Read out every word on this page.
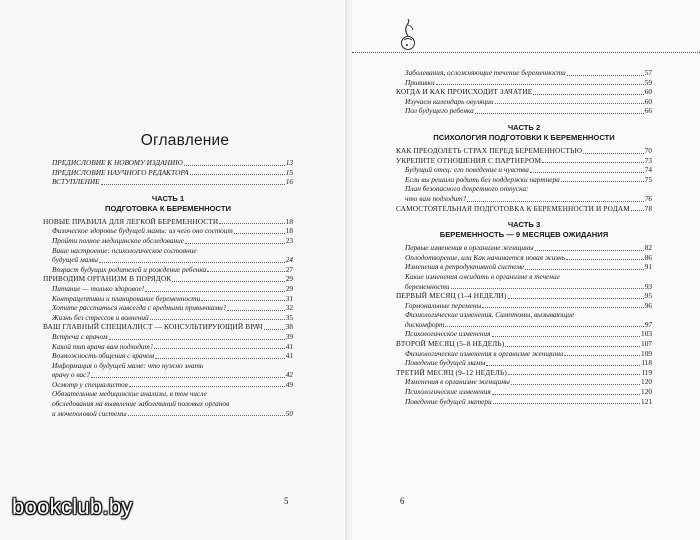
Оглавление
ПРЕДИСЛОВИЕ К НОВОМУ ИЗДАНИЮ	13
ПРЕДИСЛОВИЕ НАУЧНОГО РЕДАКТОРА	15
ВСТУПЛЕНИЕ	16
ЧАСТЬ 1
ПОДГОТОВКА К БЕРЕМЕННОСТИ
НОВЫЕ ПРАВИЛА ДЛЯ ЛЕГКОЙ БЕРЕМЕННОСТИ	18
Физическое здоровье будущей мамы: из чего оно состоит	18
Пройти полное медицинское обследование	23
Ваше настроение: психологическое состояние
будущей мамы	24
Возраст будущих родителей и рождение ребенка	27
ПРИВОДИМ ОРГАНИЗМ В ПОРЯДОК	29
Питание — только здоровое!	29
Контрацептивы и планирование беременности	31
Хотите расстаться навсегда с вредными привычками?	32
Жизнь без стрессов и волнений	35
ВАШ ГЛАВНЫЙ СПЕЦИАЛИСТ — КОНСУЛЬТИРУЮЩИЙ ВРАЧ	38
Встреча с врачом	39
Какой тип врача вам подходит?	41
Возможность общения с врачом	41
Информация о будущей маме: что нужно знать
врачу о вас?	42
Осмотр у специалистов	49
Обязательные медицинские анализы, в том числе
обследования на выявление заболеваний половых органов
и мочеполовой системы	50
5
Заболевания, осложняющие течение беременности	57
Прививки	59
КОГДА И КАК ПРОИСХОДИТ ЗАЧАТИЕ	60
Изучаем календарь овуляции	60
Пол будущего ребенка	66
ЧАСТЬ 2
ПСИХОЛОГИЯ ПОДГОТОВКИ К БЕРЕМЕННОСТИ
КАК ПРЕОДОЛЕТЬ СТРАХ ПЕРЕД БЕРЕМЕННОСТЬЮ	70
УКРЕПИТЕ ОТНОШЕНИЯ С ПАРТНЕРОМ	73
Будущий отец: его поведение и чувства	74
Если вы решили родить без поддержки партнера	75
План безопасного декретного отпуска:
что вам подходит?	76
САМОСТОЯТЕЛЬНАЯ ПОДГОТОВКА К БЕРЕМЕННОСТИ И РОДАМ 78
ЧАСТЬ 3
БЕРЕМЕННОСТЬ — 9 МЕСЯЦЕВ ОЖИДАНИЯ
Первые изменения в организме женщины	82
Оплодотворение, или Как начинается новая жизнь	86
Изменения в репродуктивной системе	91
Какие изменения ожидать в организме в течение
беременности	93
ПЕРВЫЙ МЕСЯЦ (1–4 НЕДЕЛИ)	95
Гормональные перемены	96
Физиологические изменения. Симптомы, вызывающие
дискомфорт	97
Психологическое изменения	103
ВТОРОЙ МЕСЯЦ (5–8 НЕДЕЛЬ)	107
Физиологические изменения в организме женщины	109
Поведение будущей мамы	118
ТРЕТИЙ МЕСЯЦ (9–12 НЕДЕЛЬ)	119
Изменения в организме женщины	120
Психологические изменения	120
Поведение будущей матери	121
6
bookclub.by
